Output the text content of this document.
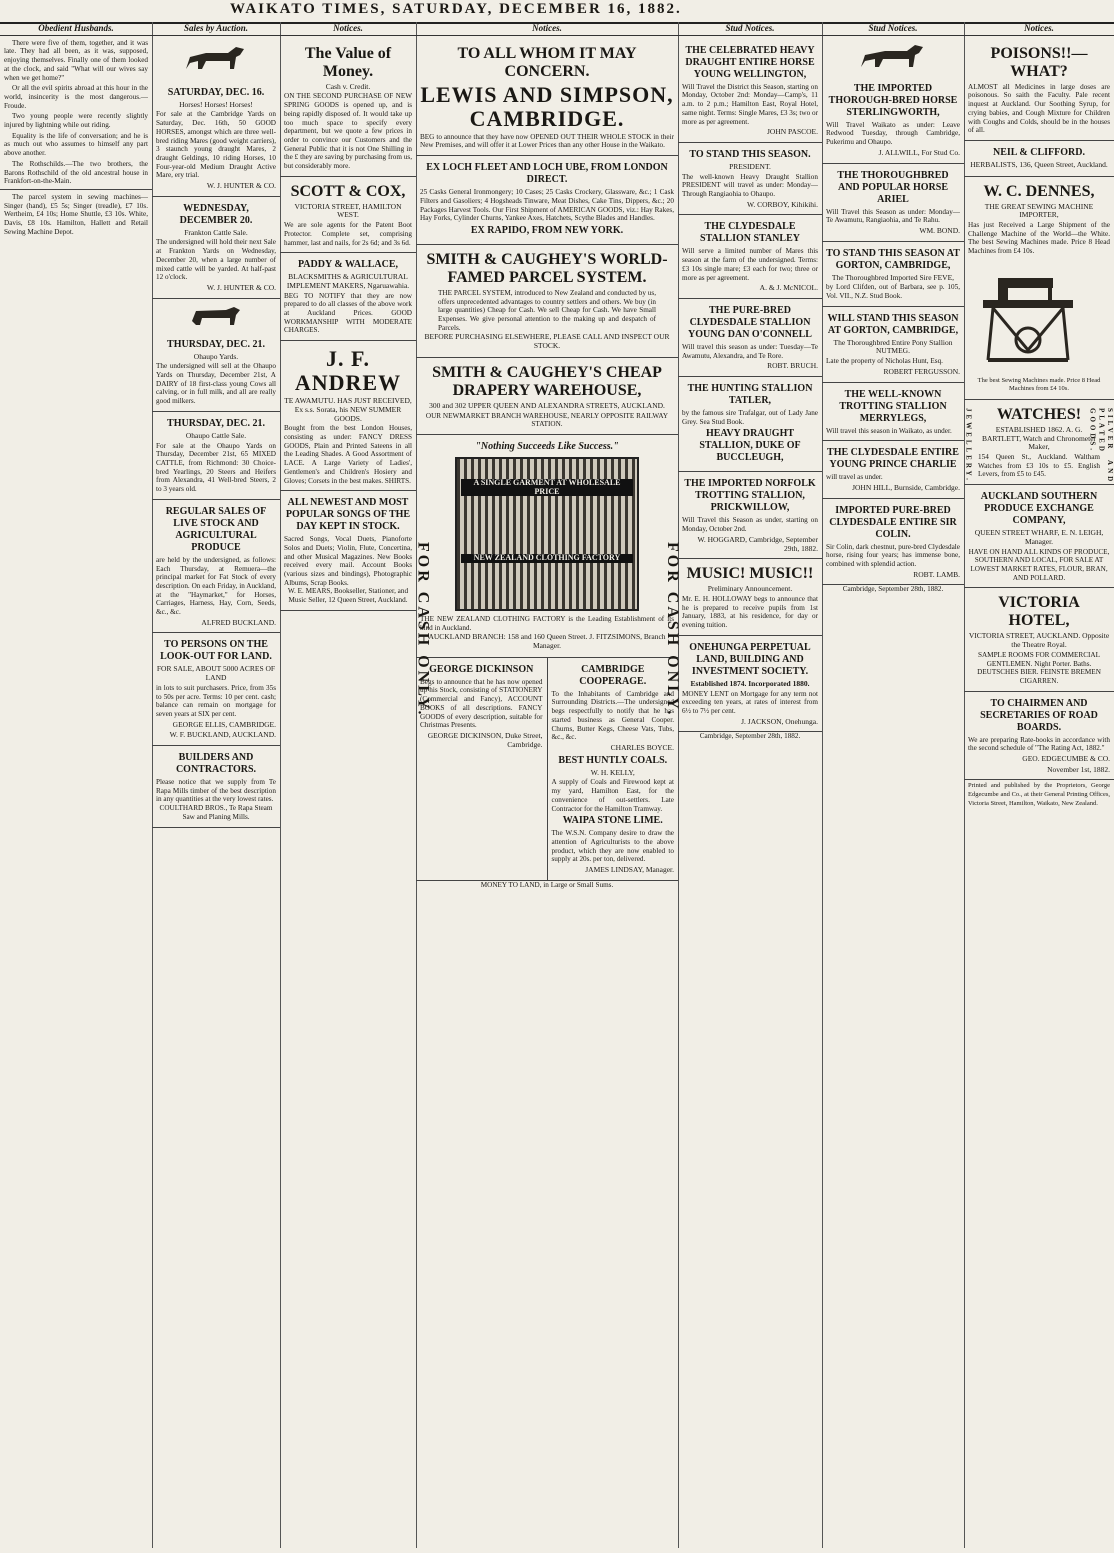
WAIKATO TIMES, SATURDAY, DECEMBER 16, 1882.
Obedient Husbands.

There were five of them, together, and it was late. They had all been, as it was, supposed, enjoying themselves. Finally one of them looked at the clock, and said "What will our wives say when we get home?"

Or all the evil spirits abroad at this hour in the world, insincerity is the most dangerous.—Froude.

Two young people were recently slightly injured by lightning while out riding.

Equality is the life of conversation; and he is as much out who assumes to himself any part above another.

The Rothschilds.—The two brothers, the Barons Rothschild of the old ancestral house in Frankfort-on-the-Main.

The parcel system in sewing machines—Singer (hand), £5 5s; Singer (treadle), £7 10s. Wertheim, £4 10s; Home Shuttle, £3 10s. White, Davis, £8 10s. Hamilton, Hallett and Retail Sewing Machine Depot.

Sales by Auction.
SATURDAY, DEC. 16.
Horses! Horses! Horses!
For sale at the Cambridge Yards on Saturday, Dec. 16th, 50 GOOD HORSES, amongst which are three well-bred riding Mares (good weight carriers), 3 staunch young draught Mares, 2 draught Geldings, 10 riding Horses, 10 Four-year-old Medium Draught Active Mare, ery trial.
W. J. HUNTER & CO.
WEDNESDAY, DECEMBER 20.
Frankton Cattle Sale.
The undersigned will hold their next Sale at Frankton Yards on Wednesday, December 20, when a large number of mixed cattle will be yarded. At half-past 12 o'clock.
W. J. HUNTER & CO.
THURSDAY, DEC. 21.
Ohaupo Yards.
The undersigned will sell at the Ohaupo Yards on Thursday, December 21st, A DAIRY of 18 first-class young Cows all calving, or in full milk, and all are really good milkers.
THURSDAY, DEC. 21.
Ohaupo Cattle Sale.
For sale at the Ohaupo Yards on Thursday, December 21st, 65 MIXED CATTLE, from Richmond: 30 Choice-bred Yearlings, 20 Steers and Heifers from Alexandra, 41 Well-bred Steers, 2 to 3 years old.
REGULAR SALES OF LIVE STOCK AND AGRICULTURAL PRODUCE
are held by the undersigned, as follows: Each Thursday, at Remuera—the principal market for Fat Stock of every description. On each Friday, in Auckland, at the "Haymarket," for Horses, Carriages, Harness, Hay, Corn, Seeds, &c., &c.
ALFRED BUCKLAND.
TO PERSONS ON THE LOOK-OUT FOR LAND.
FOR SALE, ABOUT 5000 ACRES OF LAND
in lots to suit purchasers. Price, from 35s to 50s per acre. Terms: 10 per cent. cash; balance can remain on mortgage for seven years at SIX per cent.
GEORGE ELLIS, CAMBRIDGE.
W. F. BUCKLAND, AUCKLAND.
BUILDERS AND CONTRACTORS.
Please notice that we supply from Te Rapa Mills timber of the best description in any quantities at the very lowest rates.
COULTHARD BROS., Te Rapa Steam Saw and Planing Mills.
Notices.
The Value of Money.
Cash v. Credit.
ON THE SECOND PURCHASE OF NEW SPRING GOODS is opened up, and is being rapidly disposed of. It would take up too much space to specify every department, but we quote a few prices in order to convince our Customers and the General Public that it is not One Shilling in the £ they are saving by purchasing from us, but considerably more.
SCOTT & COX,
VICTORIA STREET, HAMILTON WEST.
We are sole agents for the Patent Boot Protector. Complete set, comprising hammer, last and nails, for 2s 6d; and 3s 6d.
PADDY & WALLACE,
BLACKSMITHS & AGRICULTURAL IMPLEMENT MAKERS, Ngaruawahia.
BEG TO NOTIFY that they are now prepared to do all classes of the above work at Auckland Prices. GOOD WORKMANSHIP WITH MODERATE CHARGES.
J. F. ANDREW
TE AWAMUTU. HAS JUST RECEIVED, Ex s.s. Sorata, his NEW SUMMER GOODS.
Bought from the best London Houses, consisting as under: FANCY DRESS GOODS, Plain and Printed Sateens in all the Leading Shades. A Good Assortment of LACE. A Large Variety of Ladies', Gentlemen's and Children's Hosiery and Gloves; Corsets in the best makes. SHIRTS.
ALL NEWEST AND MOST POPULAR SONGS OF THE DAY KEPT IN STOCK.
Sacred Songs, Vocal Duets, Pianoforte Solos and Duets; Violin, Flute, Concertina, and other Musical Magazines. New Books received every mail. Account Books (various sizes and bindings), Photographic Albums, Scrap Books.
W. E. MEARS, Bookseller, Stationer, and Music Seller, 12 Queen Street, Auckland.
Notices.
TO ALL WHOM IT MAY CONCERN.
LEWIS AND SIMPSON, CAMBRIDGE.
BEG to announce that they have now OPENED OUT THEIR WHOLE STOCK in their New Premises, and will offer it at Lower Prices than any other House in the Waikato.
EX LOCH FLEET AND LOCH UBE, FROM LONDON DIRECT.
25 Casks General Ironmongery; 10 Cases; 25 Casks Crockery, Glassware, &c.; 1 Cask Filters and Gasoliers; 4 Hogsheads Tinware, Meat Dishes, Cake Tins, Dippers, &c.; 20 Packages Harvest Tools. Our First Shipment of AMERICAN GOODS, viz.: Hay Rakes, Hay Forks, Cylinder Churns, Yankee Axes, Hatchets, Scythe Blades and Handles.
EX RAPIDO, FROM NEW YORK.
SMITH & CAUGHEY'S WORLD-FAMED PARCEL SYSTEM.
THE PARCEL SYSTEM, introduced to New Zealand and conducted by us, offers unprecedented advantages to country settlers and others. We buy (in large quantities) Cheap for Cash. We sell Cheap for Cash. We have Small Expenses. We give personal attention to the making up and despatch of Parcels.
BEFORE PURCHASING ELSEWHERE, PLEASE CALL AND INSPECT OUR STOCK.
SMITH & CAUGHEY'S CHEAP DRAPERY WAREHOUSE,
300 and 302 UPPER QUEEN AND ALEXANDRA STREETS, AUCKLAND.
OUR NEWMARKET BRANCH WAREHOUSE, NEARLY OPPOSITE RAILWAY STATION.
"Nothing Succeeds Like Success."
A SINGLE GARMENT AT WHOLESALE PRICE
NEW ZEALAND CLOTHING FACTORY
THE NEW ZEALAND CLOTHING FACTORY is the Leading Establishment of its kind in Auckland.
AUCKLAND BRANCH: 158 and 160 Queen Street. J. FITZSIMONS, Branch Manager.
GEORGE DICKINSON
Begs to announce that he has now opened up his Stock, consisting of STATIONERY (Commercial and Fancy), ACCOUNT BOOKS of all descriptions. FANCY GOODS of every description, suitable for Christmas Presents.
GEORGE DICKINSON, Duke Street, Cambridge.
CAMBRIDGE COOPERAGE.
To the Inhabitants of Cambridge and Surrounding Districts.—The undersigned begs respectfully to notify that he has started business as General Cooper. Churns, Butter Kegs, Cheese Vats, Tubs, &c., &c.
CHARLES BOYCE.
BEST HUNTLY COALS.
W. H. KELLY,
A supply of Coals and Firewood kept at my yard, Hamilton East, for the convenience of out-settlers. Late Contractor for the Hamilton Tramway.
WAIPA STONE LIME.
The W.S.N. Company desire to draw the attention of Agriculturists to the above product, which they are now enabled to supply at 20s. per ton, delivered.
JAMES LINDSAY, Manager.
MONEY TO LAND, in Large or Small Sums.
FOR CASH ONLY.	FOR CASH ONLY.
Stud Notices.
THE CELEBRATED HEAVY DRAUGHT ENTIRE HORSE YOUNG WELLINGTON,
Will Travel the District this Season, starting on Monday, October 2nd: Monday—Camp's, 11 a.m. to 2 p.m.; Hamilton East, Royal Hotel, same night. Terms: Single Mares, £3 3s; two or more as per agreement.
JOHN PASCOE.
TO STAND THIS SEASON.
PRESIDENT.
The well-known Heavy Draught Stallion PRESIDENT will travel as under: Monday—Through Rangiaohia to Ohaupo.
W. CORBOY, Kihikihi.
THE CLYDESDALE STALLION STANLEY
Will serve a limited number of Mares this season at the farm of the undersigned. Terms: £3 10s single mare; £3 each for two; three or more as per agreement.
A. & J. McNICOL.
THE PURE-BRED CLYDESDALE STALLION YOUNG DAN O'CONNELL
Will travel this season as under: Tuesday—Te Awamutu, Alexandra, and Te Rore.
ROBT. BRUCH.
THE HUNTING STALLION TATLER,
by the famous sire Trafalgar, out of Lady Jane Grey. Sea Stud Book.
HEAVY DRAUGHT STALLION, DUKE OF BUCCLEUGH,
THE IMPORTED NORFOLK TROTTING STALLION, PRICKWILLOW,
Will Travel this Season as under, starting on Monday, October 2nd.
W. HOGGARD, Cambridge, September 29th, 1882.
MUSIC! MUSIC!!
Preliminary Announcement.
Mr. E. H. HOLLOWAY begs to announce that he is prepared to receive pupils from 1st January, 1883, at his residence, for day or evening tuition.
ONEHUNGA PERPETUAL LAND, BUILDING AND INVESTMENT SOCIETY.
Established 1874. Incorporated 1880.
MONEY LENT on Mortgage for any term not exceeding ten years, at rates of interest from 6½ to 7½ per cent.
J. JACKSON, Onehunga.
Cambridge, September 28th, 1882.
Stud Notices.
THE IMPORTED THOROUGH-BRED HORSE STERLINGWORTH,
Will Travel Waikato as under: Leave Redwood Tuesday, through Cambridge, Pukerimu and Ohaupo.
J. ALLWILL, For Stud Co.
THE THOROUGHBRED AND POPULAR HORSE ARIEL
Will Travel this Season as under: Monday—Te Awamutu, Rangiaohia, and Te Rahu.
WM. BOND.
TO STAND THIS SEASON AT GORTON, CAMBRIDGE,
The Thoroughbred Imported Sire FEVE,
by Lord Clifden, out of Barbara, see p. 105, Vol. VII., N.Z. Stud Book.
WILL STAND THIS SEASON AT GORTON, CAMBRIDGE,
The Thoroughbred Entire Pony Stallion NUTMEG.
Late the property of Nicholas Hunt, Esq.
ROBERT FERGUSSON.
THE WELL-KNOWN TROTTING STALLION MERRYLEGS,
Will travel this season in Waikato, as under.
THE CLYDESDALE ENTIRE YOUNG PRINCE CHARLIE
will travel as under.
JOHN HILL, Burnside, Cambridge.
IMPORTED PURE-BRED CLYDESDALE ENTIRE SIR COLIN.
Sir Colin, dark chestnut, pure-bred Clydesdale horse, rising four years; has immense bone, combined with splendid action.
ROBT. LAMB.
Cambridge, September 28th, 1882.
Notices.
POISONS!!—WHAT?
ALMOST all Medicines in large doses are poisonous. So saith the Faculty. Pale recent inquest at Auckland. Our Soothing Syrup, for crying babies, and Cough Mixture for Children with Coughs and Colds, should be in the houses of all.
NEIL & CLIFFORD.
HERBALISTS, 136, Queen Street, Auckland.
W. C. DENNES,
THE GREAT SEWING MACHINE IMPORTER,
Has just Received a Large Shipment of the Challenge Machine of the World—the White. The best Sewing Machines made. Price 8 Head Machines from £4 10s.
The best Sewing Machines made. Price 8 Head Machines from £4 10s.
WATCHES!
ESTABLISHED 1862. A. G. BARTLETT, Watch and Chronometer Maker,
154 Queen St., Auckland. Waltham Watches from £3 10s to £5. English Levers, from £5 to £45.
JEWELLERY.	SILVER AND PLATED GOODS.
AUCKLAND SOUTHERN PRODUCE EXCHANGE COMPANY,
QUEEN STREET WHARF, E. N. LEIGH, Manager.
HAVE ON HAND ALL KINDS OF PRODUCE, SOUTHERN AND LOCAL, FOR SALE AT LOWEST MARKET RATES, FLOUR, BRAN, AND POLLARD.
VICTORIA HOTEL,
VICTORIA STREET, AUCKLAND. Opposite the Theatre Royal.
SAMPLE ROOMS FOR COMMERCIAL GENTLEMEN. Night Porter. Baths. DEUTSCHES BIER. FEINSTE BREMEN CIGARREN.
TO CHAIRMEN AND SECRETARIES OF ROAD BOARDS.
We are preparing Rate-books in accordance with the second schedule of "The Rating Act, 1882."
GEO. EDGECUMBE & CO.
November 1st, 1882.
Printed and published by the Proprietors, George Edgecumbe and Co., at their General Printing Offices, Victoria Street, Hamilton, Waikato, New Zealand.
